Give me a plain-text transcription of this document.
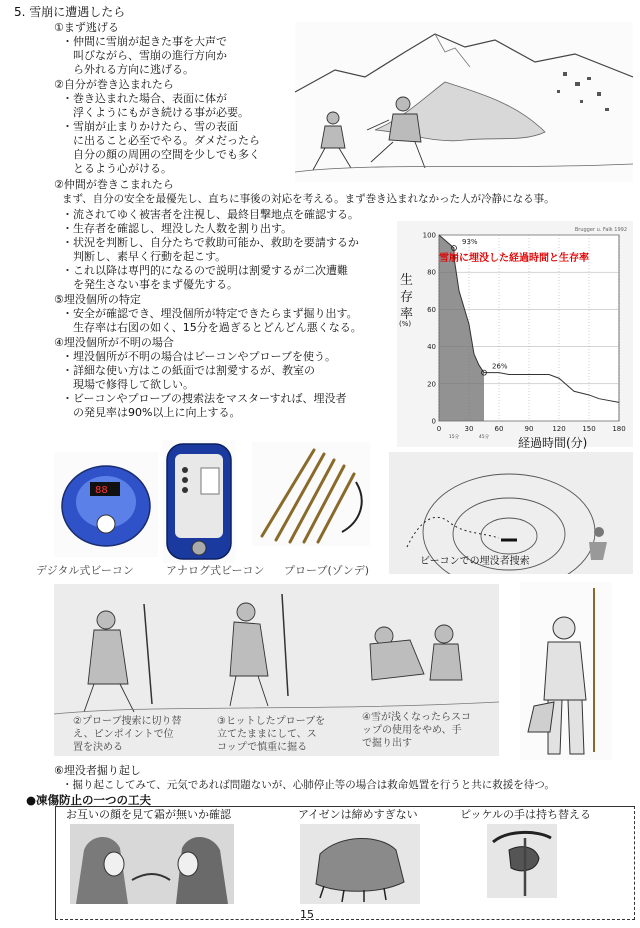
5. 雪崩に遭遇したら
①まず逃げる
・仲間に雪崩が起きた事を大声で
　叫びながら、雪崩の進行方向か
　ら外れる方向に逃げる。
②自分が巻き込まれたら
・巻き込まれた場合、表面に体が
　浮くようにもがき続ける事が必要。
・雪崩が止まりかけたら、雪の表面
　に出ること必至でやる。ダメだったら
　自分の顔の周囲の空間を少しでも多く
　とるよう心がける。
②仲間が巻きこまれたら
まず、自分の安全を最優先し、直ちに事後の対応を考える。まず巻き込まれなかった人が冷静になる事。
・流されてゆく被害者を注視し、最終目撃地点を確認する。
・生存者を確認し、埋没した人数を割り出す。
・状況を判断し、自分たちで救助可能か、救助を要請するか
　判断し、素早く行動を起こす。
・これ以降は専門的になるので説明は割愛するが二次遭難
　を発生さない事をまず優先する。
⑤埋没個所の特定
・安全が確認でき、埋没個所が特定できたらまず掘り出す。
　生存率は右図の如く、15分を過ぎるとどんどん悪くなる。
④埋没個所が不明の場合
・埋没個所が不明の場合はビーコンやプローブを使う。
・詳細な使い方はこの紙面では割愛するが、教室の
　現場で修得して欲しい。
・ビーコンやプローブの捜索法をマスターすれば、埋没者
　の発見率は90%以上に向上する。
0	30	60	90	120 150 180
0
20
40
60
80
100
15分	45分
93%
26%
Brugger u. Falk 1992
雪崩に埋没した経過時間と生存率
生存率
(%)
経過時間(分)
88
デジタル式ビーコン	アナログ式ビーコン プローブ(ゾンデ)
ビーコンでの埋没者捜索
②プローブ捜索に切り替
え、ピンポイントで位
置を決める
③ヒットしたプローブを
立てたままにして、ス
コップで慎重に掘る
④雪が浅くなったらスコ
ップの使用をやめ、手
で掘り出す
⑥埋没者掘り起し
・掘り起こしてみて、元気であれば問題ないが、心肺停止等の場合は救命処置を行うと共に救援を待つ。
●凍傷防止の一つの工夫
お互いの顔を見て霜が無いか確認	アイゼンは締めすぎない	ピッケルの手は持ち替える
15
